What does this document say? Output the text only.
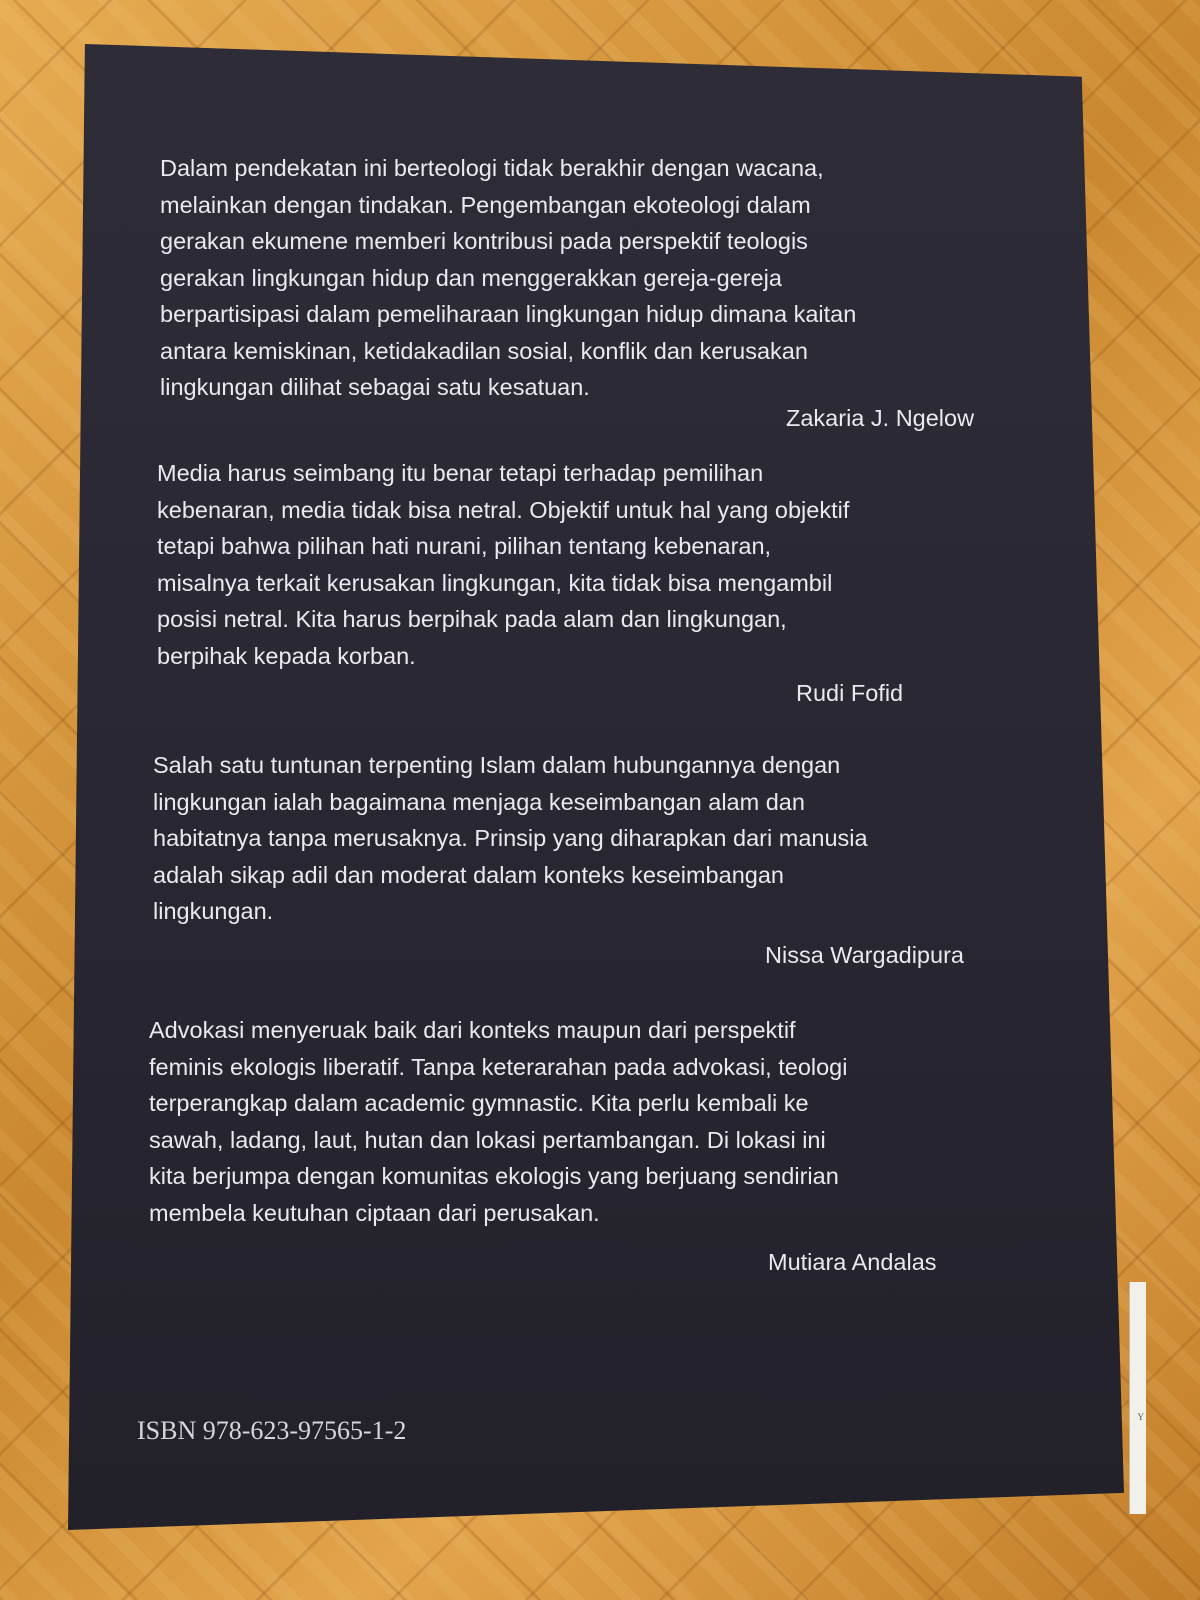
Y
Dalam pendekatan ini berteologi tidak berakhir dengan wacana,
melainkan dengan tindakan. Pengembangan ekoteologi dalam
gerakan ekumene memberi kontribusi pada perspektif teologis
gerakan lingkungan hidup dan menggerakkan gereja-gereja
berpartisipasi dalam pemeliharaan lingkungan hidup dimana kaitan
antara kemiskinan, ketidakadilan sosial, konflik dan kerusakan
lingkungan dilihat sebagai satu kesatuan.
Zakaria J. Ngelow
Media harus seimbang itu benar tetapi terhadap pemilihan
kebenaran, media tidak bisa netral. Objektif untuk hal yang objektif
tetapi bahwa pilihan hati nurani, pilihan tentang kebenaran,
misalnya terkait kerusakan lingkungan, kita tidak bisa mengambil
posisi netral. Kita harus berpihak pada alam dan lingkungan,
berpihak kepada korban.
Rudi Fofid
Salah satu tuntunan terpenting Islam dalam hubungannya dengan
lingkungan ialah bagaimana menjaga keseimbangan alam dan
habitatnya tanpa merusaknya. Prinsip yang diharapkan dari manusia
adalah sikap adil dan moderat dalam konteks keseimbangan
lingkungan.
Nissa Wargadipura
Advokasi menyeruak baik dari konteks maupun dari perspektif
feminis ekologis liberatif. Tanpa keterarahan pada advokasi, teologi
terperangkap dalam academic gymnastic. Kita perlu kembali ke
sawah, ladang, laut, hutan dan lokasi pertambangan. Di lokasi ini
kita berjumpa dengan komunitas ekologis yang berjuang sendirian
membela keutuhan ciptaan dari perusakan.
Mutiara Andalas
ISBN 978-623-97565-1-2
